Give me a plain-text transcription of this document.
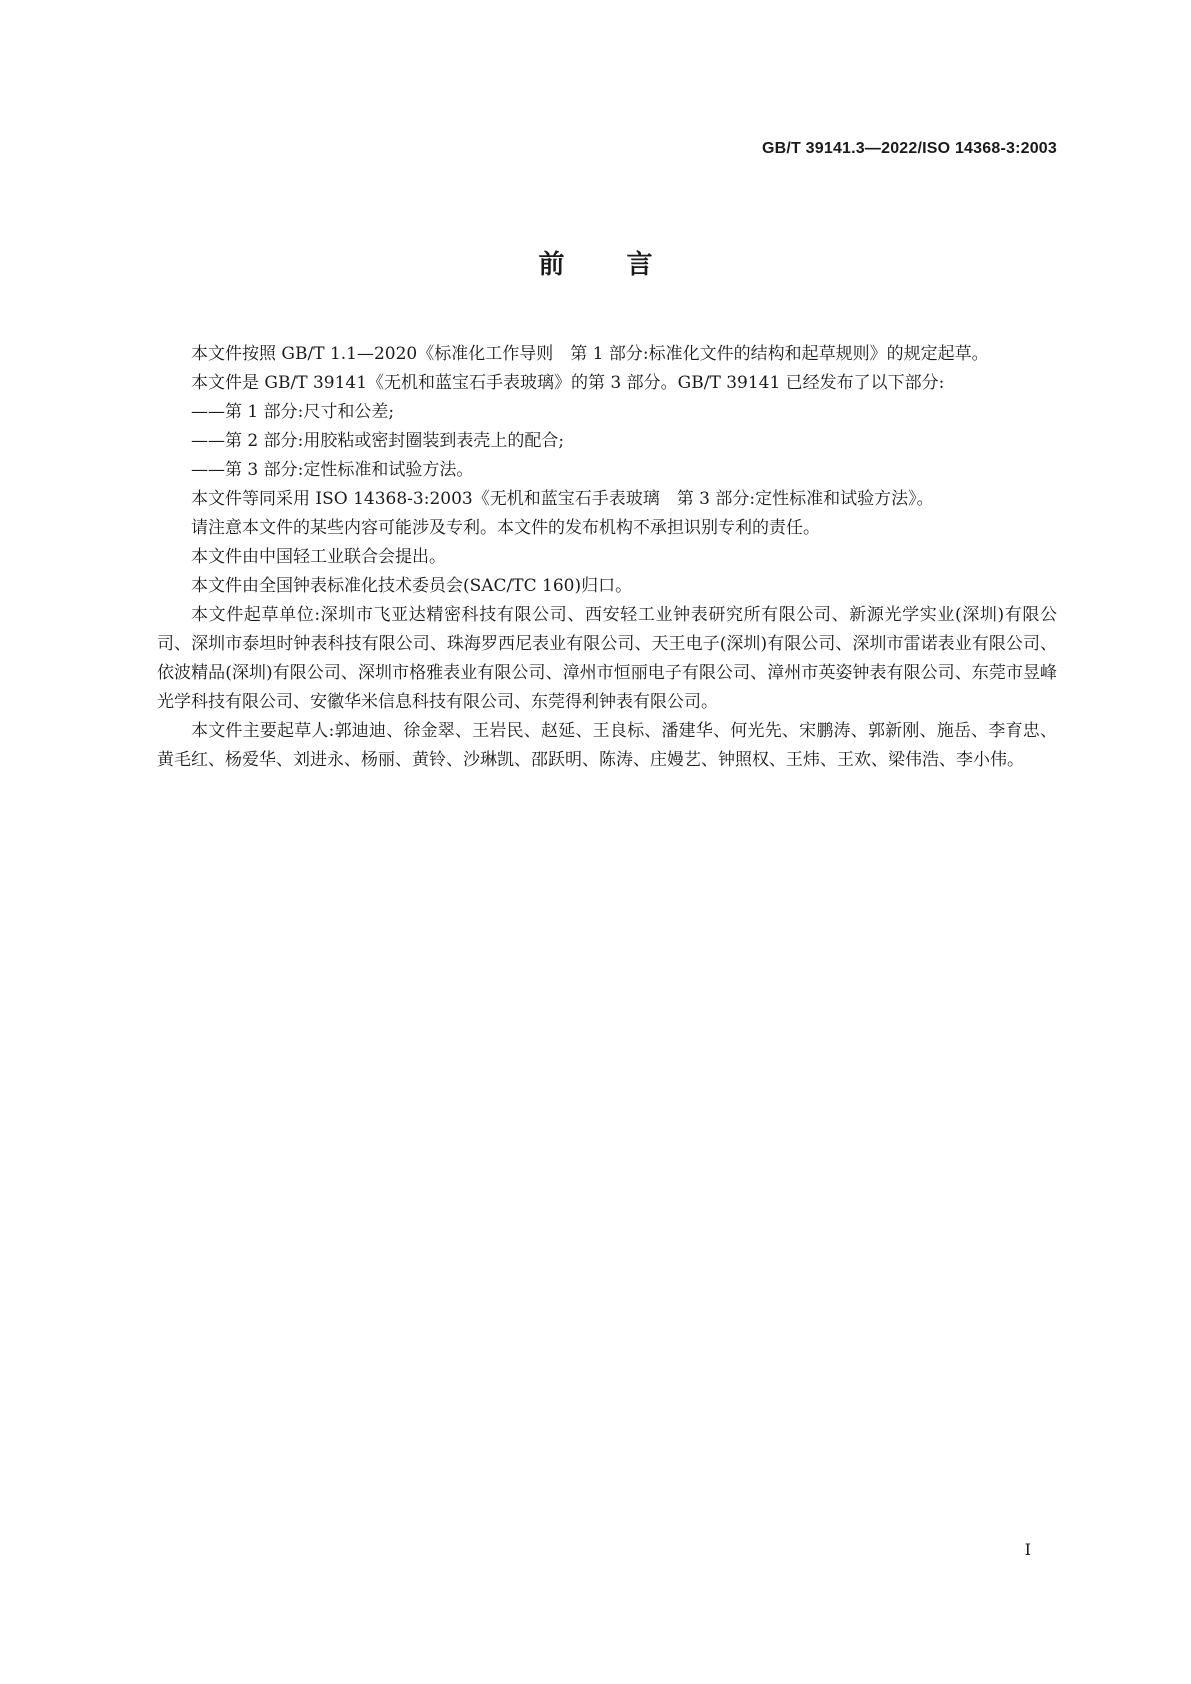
GB/T 39141.3—2022/ISO 14368-3:2003
前言

本文件按照 GB/T 1.1—2020《标准化工作导则　第 1 部分:标准化文件的结构和起草规则》的规定起草。

本文件是 GB/T 39141《无机和蓝宝石手表玻璃》的第 3 部分。GB/T 39141 已经发布了以下部分:

——第 1 部分:尺寸和公差;

——第 2 部分:用胶粘或密封圈装到表壳上的配合;

——第 3 部分:定性标准和试验方法。

本文件等同采用 ISO 14368-3:2003《无机和蓝宝石手表玻璃　第 3 部分:定性标准和试验方法》。

请注意本文件的某些内容可能涉及专利。本文件的发布机构不承担识别专利的责任。

本文件由中国轻工业联合会提出。

本文件由全国钟表标准化技术委员会(SAC/TC 160)归口。

本文件起草单位:深圳市飞亚达精密科技有限公司、西安轻工业钟表研究所有限公司、新源光学实业(深圳)有限公司、深圳市泰坦时钟表科技有限公司、珠海罗西尼表业有限公司、天王电子(深圳)有限公司、深圳市雷诺表业有限公司、依波精品(深圳)有限公司、深圳市格雅表业有限公司、漳州市恒丽电子有限公司、漳州市英姿钟表有限公司、东莞市昱峰光学科技有限公司、安徽华米信息科技有限公司、东莞得利钟表有限公司。

本文件主要起草人:郭迪迪、徐金翠、王岩民、赵延、王良标、潘建华、何光先、宋鹏涛、郭新刚、施岳、李育忠、黄毛红、杨爱华、刘进永、杨丽、黄铃、沙琳凯、邵跃明、陈涛、庄嫚艺、钟照权、王炜、王欢、梁伟浩、李小伟。

I
